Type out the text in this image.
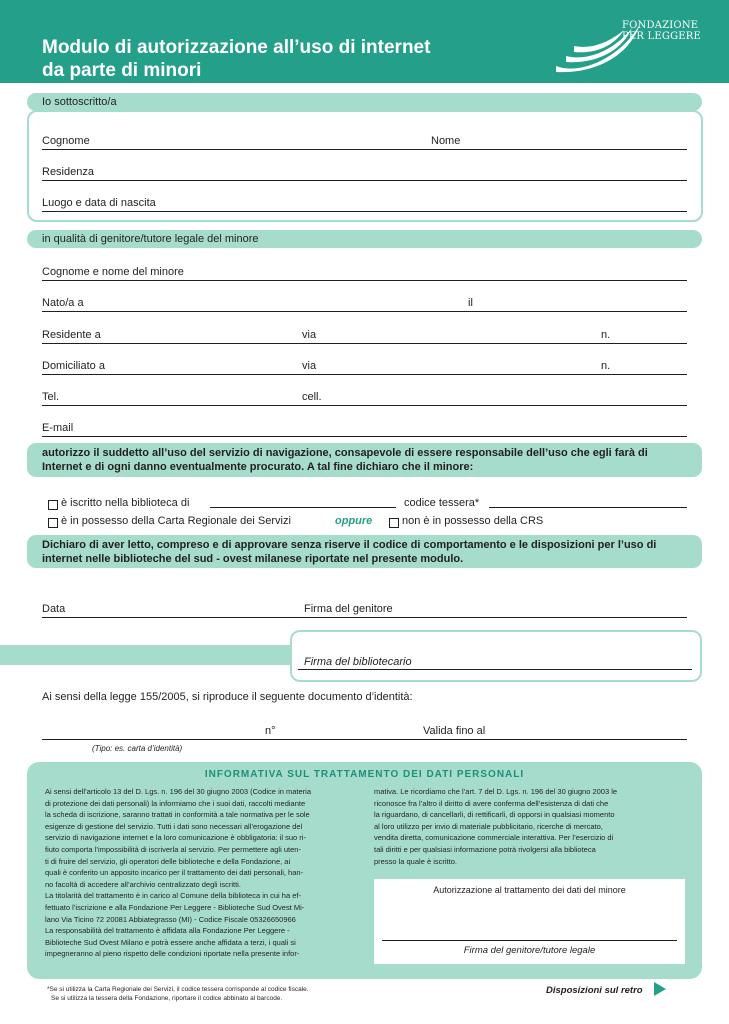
Modulo di autorizzazione all’uso di internet
da parte di minori
FONDAZIONE
PER LEGGERE
Io sottoscritto/a
Cognome	Nome
Residenza
Luogo e data di nascita
in qualità di genitore/tutore legale del minore
Cognome e nome del minore
Nato/a a	il
Residente a	via	n.
Domiciliato a	via	n.
Tel.	cell.
E-mail
autorizzo il suddetto all’uso del servizio di navigazione, consapevole di essere responsabile dell’uso che egli farà di
Internet e di ogni danno eventualmente procurato. A tal fine dichiaro che il minore:
è iscritto nella biblioteca di	codice tessera*
è in possesso della Carta Regionale dei Servizi	oppure	non è in possesso della CRS
Dichiaro di aver letto, compreso e di approvare senza riserve il codice di comportamento e le disposizioni per l’uso di
internet nelle biblioteche del sud - ovest milanese riportate nel presente modulo.
Data	Firma del genitore
Firma del bibliotecario
Ai sensi della legge 155/2005, si riproduce il seguente documento d’identità:
n°	Valida fino al
(Tipo: es. carta d’identità)
INFORMATIVA SUL TRATTAMENTO DEI DATI PERSONALI
Ai sensi dell’articolo 13 del D. Lgs. n. 196 del 30 giugno 2003 (Codice in materia
di protezione dei dati personali) la informiamo che i suoi dati, raccolti mediante
la scheda di iscrizione, saranno trattati in conformità a tale normativa per le sole
esigenze di gestione del servizio. Tutti i dati sono necessari all’erogazione del
servizio di navigazione internet e la loro comunicazione è obbligatoria: il suo ri-
fiuto comporta l’impossibilità di iscriverla al servizio. Per permettere agli uten-
ti di fruire del servizio, gli operatori delle biblioteche e della Fondazione, ai
quali è conferito un apposito incarico per il trattamento dei dati personali, han-
no facoltà di accedere all’archivio centralizzato degli iscritti.
La titolarità del trattamento è in carico al Comune della biblioteca in cui ha ef-
fettuato l’iscrizione e alla Fondazione Per Leggere - Biblioteche Sud Ovest Mi-
lano Via Ticino 72 20081 Abbiategrasso (MI) - Codice Fiscale 05326650966
La responsabilità del trattamento è affidata alla Fondazione Per Leggere -
Biblioteche Sud Ovest Milano e potrà essere anche affidata a terzi, i quali si
impegneranno al pieno rispetto delle condizioni riportate nella presente infor-
mativa. Le ricordiamo che l’art. 7 del D. Lgs. n. 196 del 30 giugno 2003 le
riconosce fra l’altro il diritto di avere conferma dell’esistenza di dati che
la riguardano, di cancellarli, di rettificarli, di opporsi in qualsiasi momento
al loro utilizzo per invio di materiale pubblicitario, ricerche di mercato,
vendita diretta, comunicazione commerciale interattiva. Per l’esercizio di
tali diritti e per qualsiasi informazione potrà rivolgersi alla biblioteca
presso la quale è iscritto.
Autorizzazione al trattamento dei dati del minore
Firma del genitore/tutore legale
*Se si utilizza la Carta Regionale dei Servizi, il codice tessera corrisponde al codice fiscale.
Se si utilizza la tessera della Fondazione, riportare il codice abbinato al barcode.
Disposizioni sul retro
